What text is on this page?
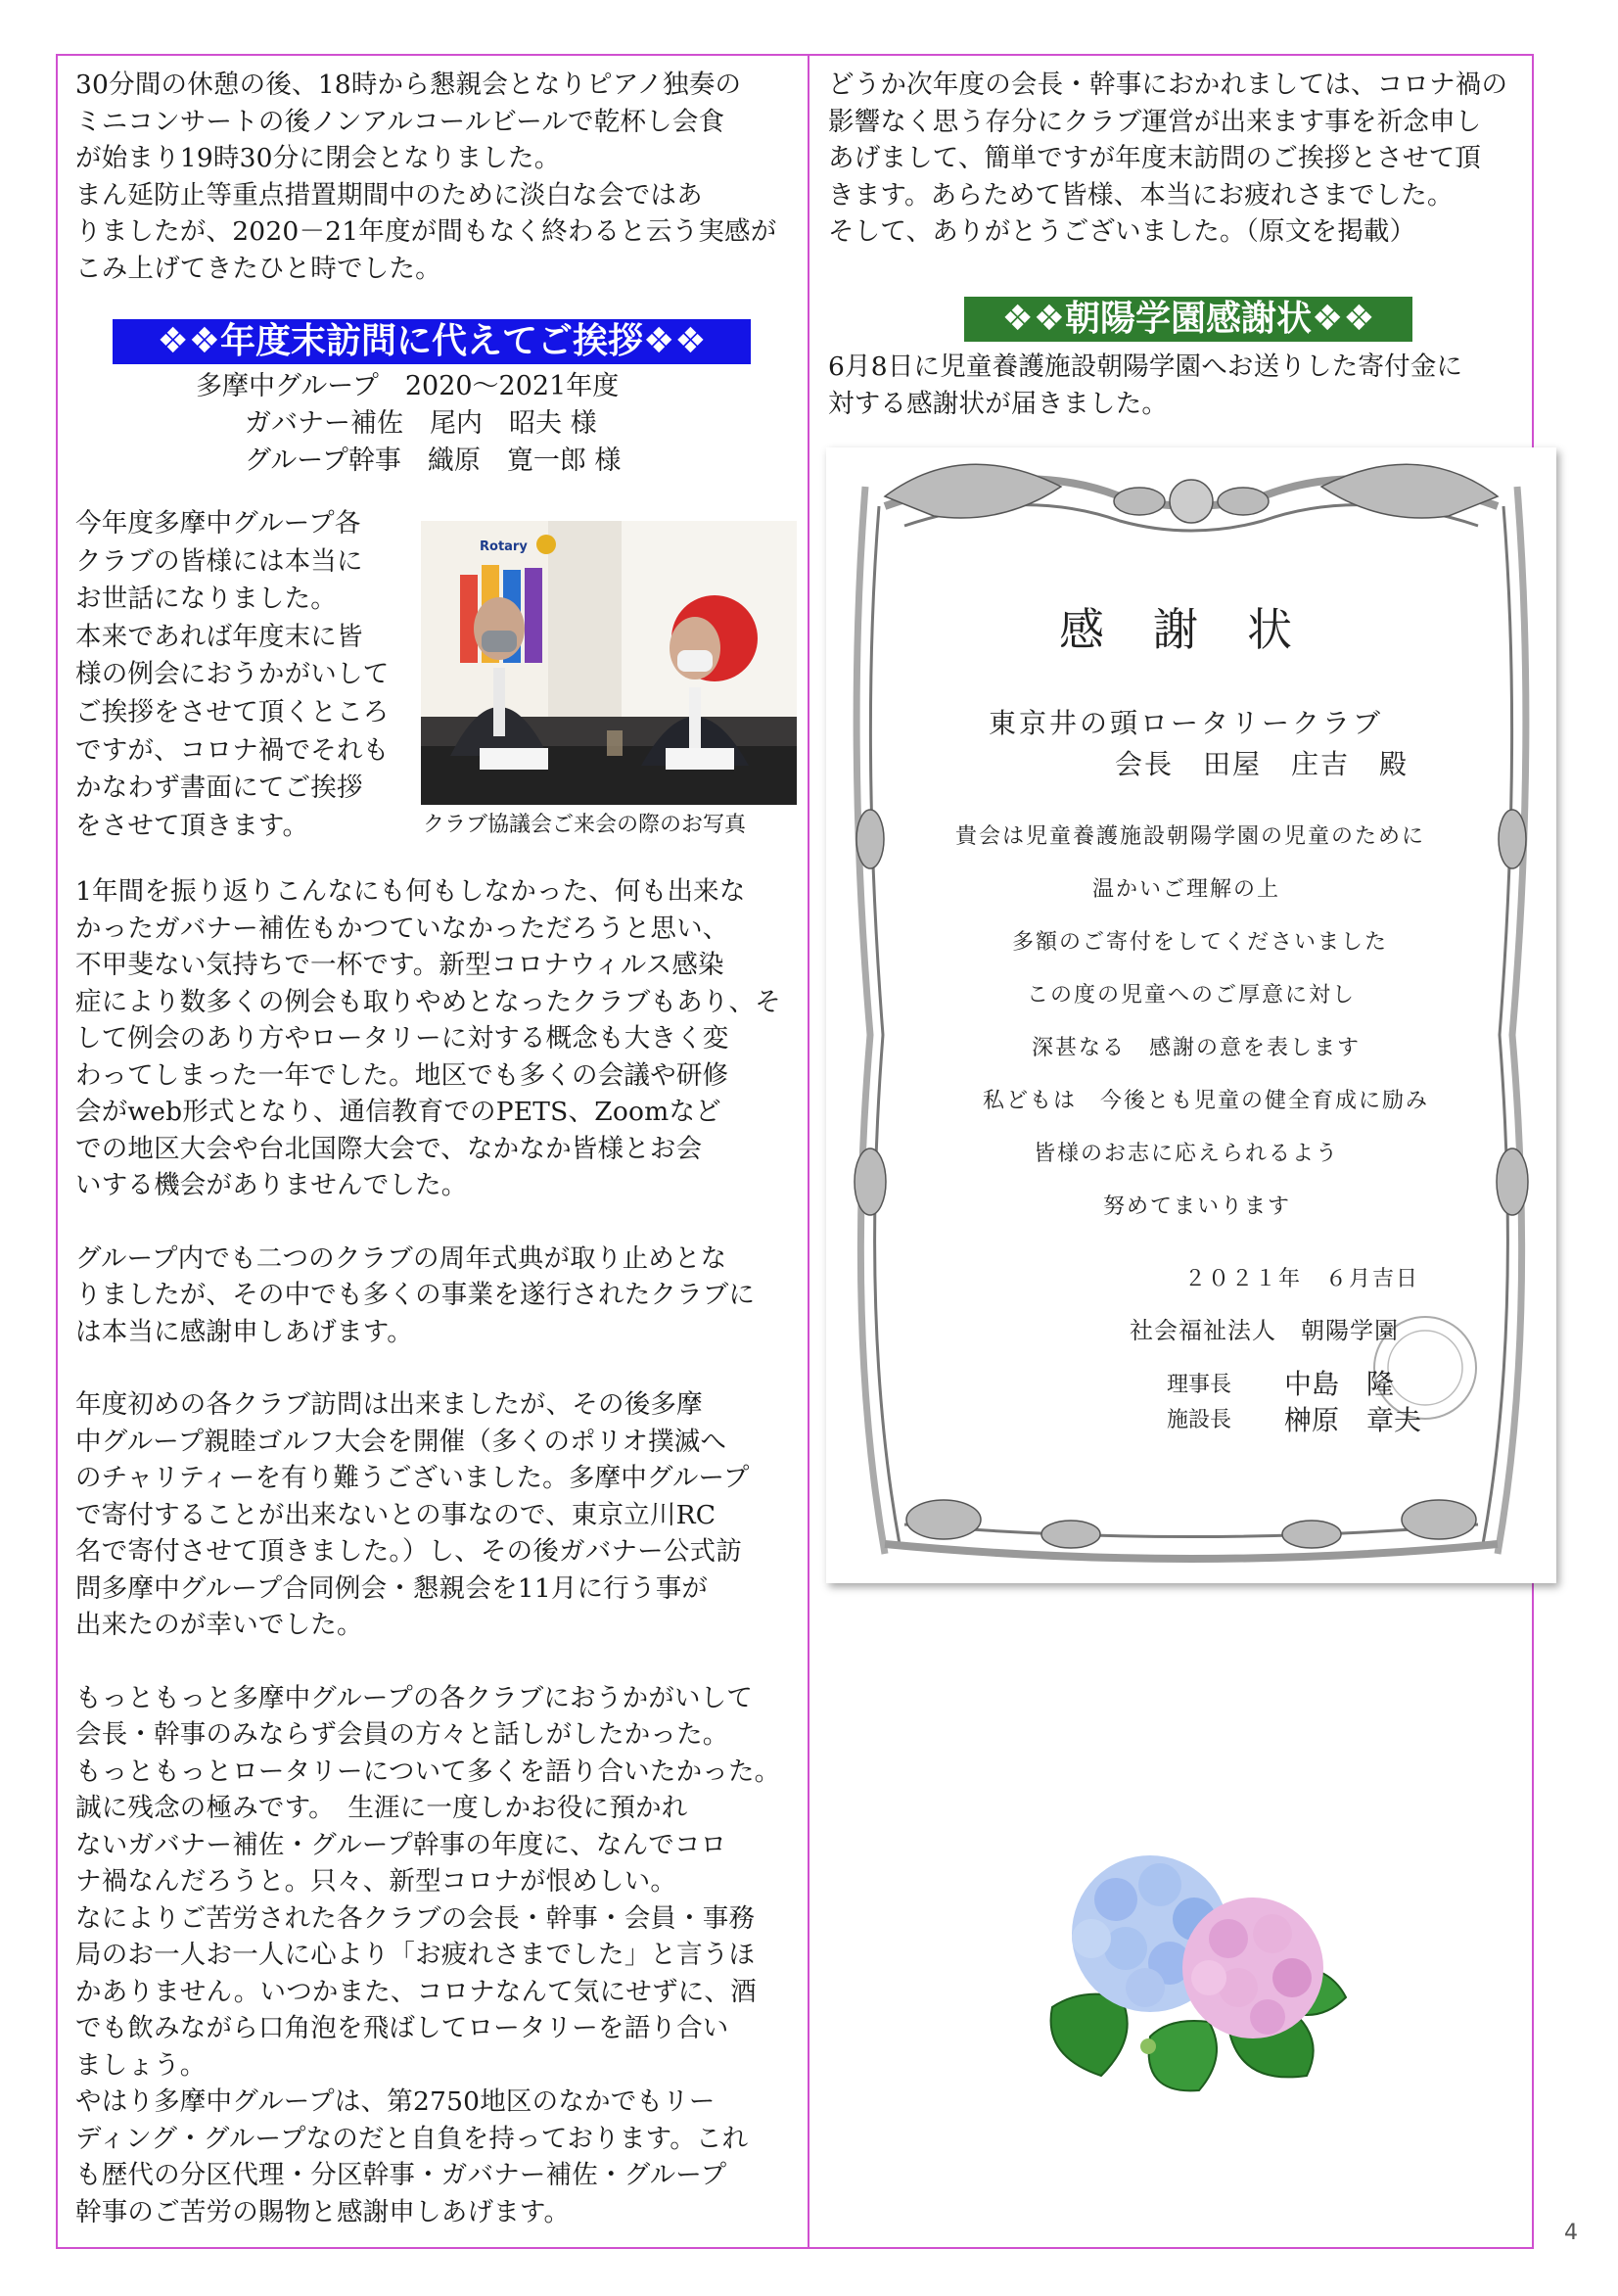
30分間の休憩の後、18時から懇親会となりピアノ独奏の
ミニコンサートの後ノンアルコールビールで乾杯し会食
が始まり19時30分に閉会となりました。
まん延防止等重点措置期間中のために淡白な会ではあ
りましたが、2020－21年度が間もなく終わると云う実感が
こみ上げてきたひと時でした。
❖❖年度末訪問に代えてご挨拶❖❖
多摩中グループ　2020～2021年度
ガバナー補佐　尾内　昭夫 様
グループ幹事　織原　寛一郎 様
今年度多摩中グループ各
クラブの皆様には本当に
お世話になりました。
本来であれば年度末に皆
様の例会におうかがいして
ご挨拶をさせて頂くところ
ですが、コロナ禍でそれも
かなわず書面にてご挨拶
をさせて頂きます。
Rotary
クラブ協議会ご来会の際のお写真
1年間を振り返りこんなにも何もしなかった、何も出来な
かったガバナー補佐もかつていなかっただろうと思い、
不甲斐ない気持ちで一杯です。新型コロナウィルス感染
症により数多くの例会も取りやめとなったクラブもあり、そ
して例会のあり方やロータリーに対する概念も大きく変
わってしまった一年でした。地区でも多くの会議や研修
会がweb形式となり、通信教育でのPETS、Zoomなど
での地区大会や台北国際大会で、なかなか皆様とお会
いする機会がありませんでした。
グループ内でも二つのクラブの周年式典が取り止めとな
りましたが、その中でも多くの事業を遂行されたクラブに
は本当に感謝申しあげます。
年度初めの各クラブ訪問は出来ましたが、その後多摩
中グループ親睦ゴルフ大会を開催（多くのポリオ撲滅へ
のチャリティーを有り難うございました。多摩中グループ
で寄付することが出来ないとの事なので、東京立川RC
名で寄付させて頂きました。）し、その後ガバナー公式訪
問多摩中グループ合同例会・懇親会を11月に行う事が
出来たのが幸いでした。
もっともっと多摩中グループの各クラブにおうかがいして
会長・幹事のみならず会員の方々と話しがしたかった。
もっともっとロータリーについて多くを語り合いたかった。
誠に残念の極みです。　生涯に一度しかお役に預かれ
ないガバナー補佐・グループ幹事の年度に、なんでコロ
ナ禍なんだろうと。只々、新型コロナが恨めしい。
なによりご苦労された各クラブの会長・幹事・会員・事務
局のお一人お一人に心より「お疲れさまでした」と言うほ
かありません。いつかまた、コロナなんて気にせずに、酒
でも飲みながら口角泡を飛ばしてロータリーを語り合い
ましょう。
やはり多摩中グループは、第2750地区のなかでもリー
ディング・グループなのだと自負を持っております。これ
も歴代の分区代理・分区幹事・ガバナー補佐・グループ
幹事のご苦労の賜物と感謝申しあげます。
どうか次年度の会長・幹事におかれましては、コロナ禍の
影響なく思う存分にクラブ運営が出来ます事を祈念申し
あげまして、簡単ですが年度末訪問のご挨拶とさせて頂
きます。あらためて皆様、本当にお疲れさまでした。
そして、ありがとうございました。（原文を掲載）
❖❖朝陽学園感謝状❖❖
6月8日に児童養護施設朝陽学園へお送りした寄付金に
対する感謝状が届きました。
感　謝　状
東京井の頭ロータリークラブ
会長　田屋　庄吉　殿
貴会は児童養護施設朝陽学園の児童のために
温かいご理解の上
多額のご寄付をしてくださいました
この度の児童へのご厚意に対し
深甚なる　感謝の意を表します
私どもは　今後とも児童の健全育成に励み
皆様のお志に応えられるよう
努めてまいります
２０２１年　６月吉日
社会福祉法人　朝陽学園
理事長 中島　隆
施設長 榊原　章夫
4
